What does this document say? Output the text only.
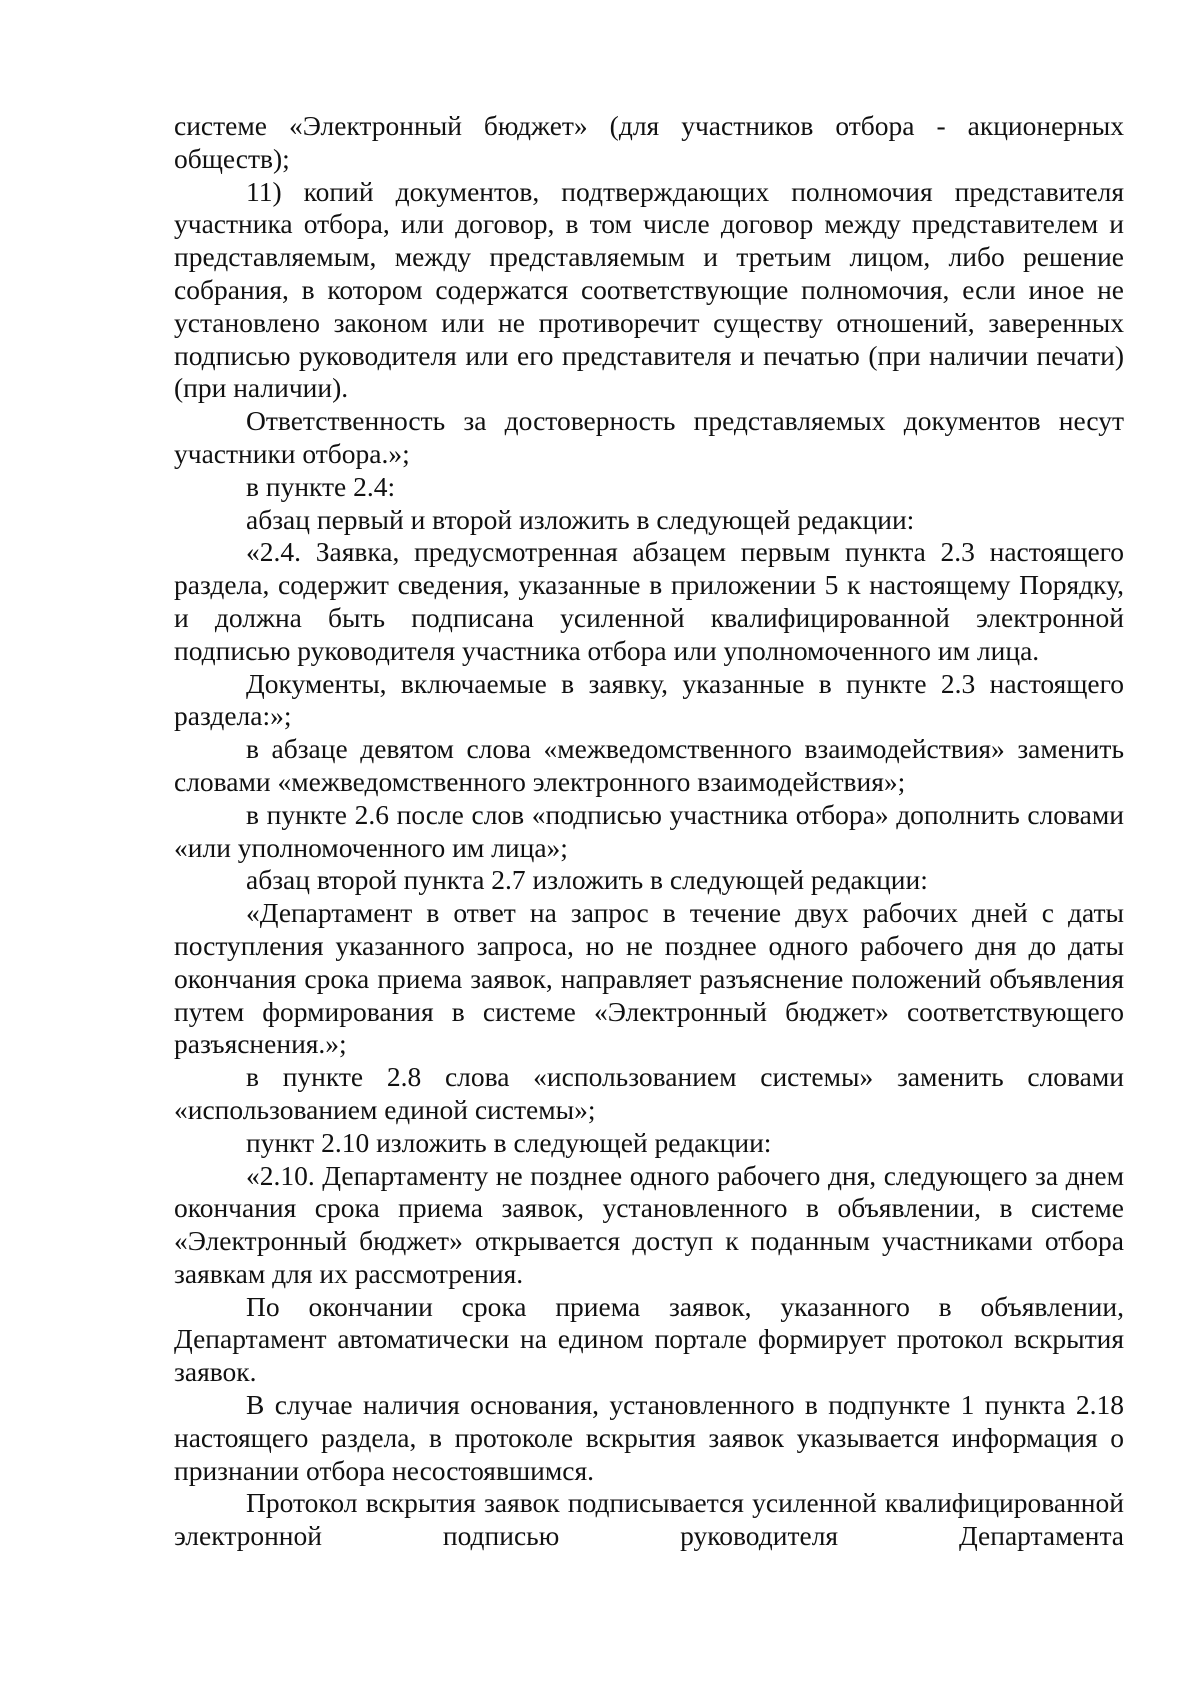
системе «Электронный бюджет» (для участников отбора - акционерных обществ);

11) копий документов, подтверждающих полномочия представителя участника отбора, или договор, в том числе договор между представителем и представляемым, между представляемым и третьим лицом, либо решение собрания, в котором содержатся соответствующие полномочия, если иное не установлено законом или не противоречит существу отношений, заверенных подписью руководителя или его представителя и печатью (при наличии печати) (при наличии).

Ответственность за достоверность представляемых документов несут участники отбора.»;

в пункте 2.4:

абзац первый и второй изложить в следующей редакции:

«2.4. Заявка, предусмотренная абзацем первым пункта 2.3 настоящего раздела, содержит сведения, указанные в приложении 5 к настоящему Порядку, и должна быть подписана усиленной квалифицированной электронной подписью руководителя участника отбора или уполномоченного им лица.

Документы, включаемые в заявку, указанные в пункте 2.3 настоящего раздела:»;

в абзаце девятом слова «межведомственного взаимодействия» заменить словами «межведомственного электронного взаимодействия»;

в пункте 2.6 после слов «подписью участника отбора» дополнить словами «или уполномоченного им лица»;

абзац второй пункта 2.7 изложить в следующей редакции:

«Департамент в ответ на запрос в течение двух рабочих дней с даты поступления указанного запроса, но не позднее одного рабочего дня до даты окончания срока приема заявок, направляет разъяснение положений объявления путем формирования в системе «Электронный бюджет» соответствующего разъяснения.»;

в пункте 2.8 слова «использованием системы» заменить словами «использованием единой системы»;

пункт 2.10 изложить в следующей редакции:

«2.10. Департаменту не позднее одного рабочего дня, следующего за днем окончания срока приема заявок, установленного в объявлении, в системе «Электронный бюджет» открывается доступ к поданным участниками отбора заявкам для их рассмотрения.

По окончании срока приема заявок, указанного в объявлении, Департамент автоматически на едином портале формирует протокол вскрытия заявок.

В случае наличия основания, установленного в подпункте 1 пункта 2.18 настоящего раздела, в протоколе вскрытия заявок указывается информация о признании отбора несостоявшимся.

Протокол вскрытия заявок подписывается усиленной квалифицированной электронной подписью руководителя Департамента
